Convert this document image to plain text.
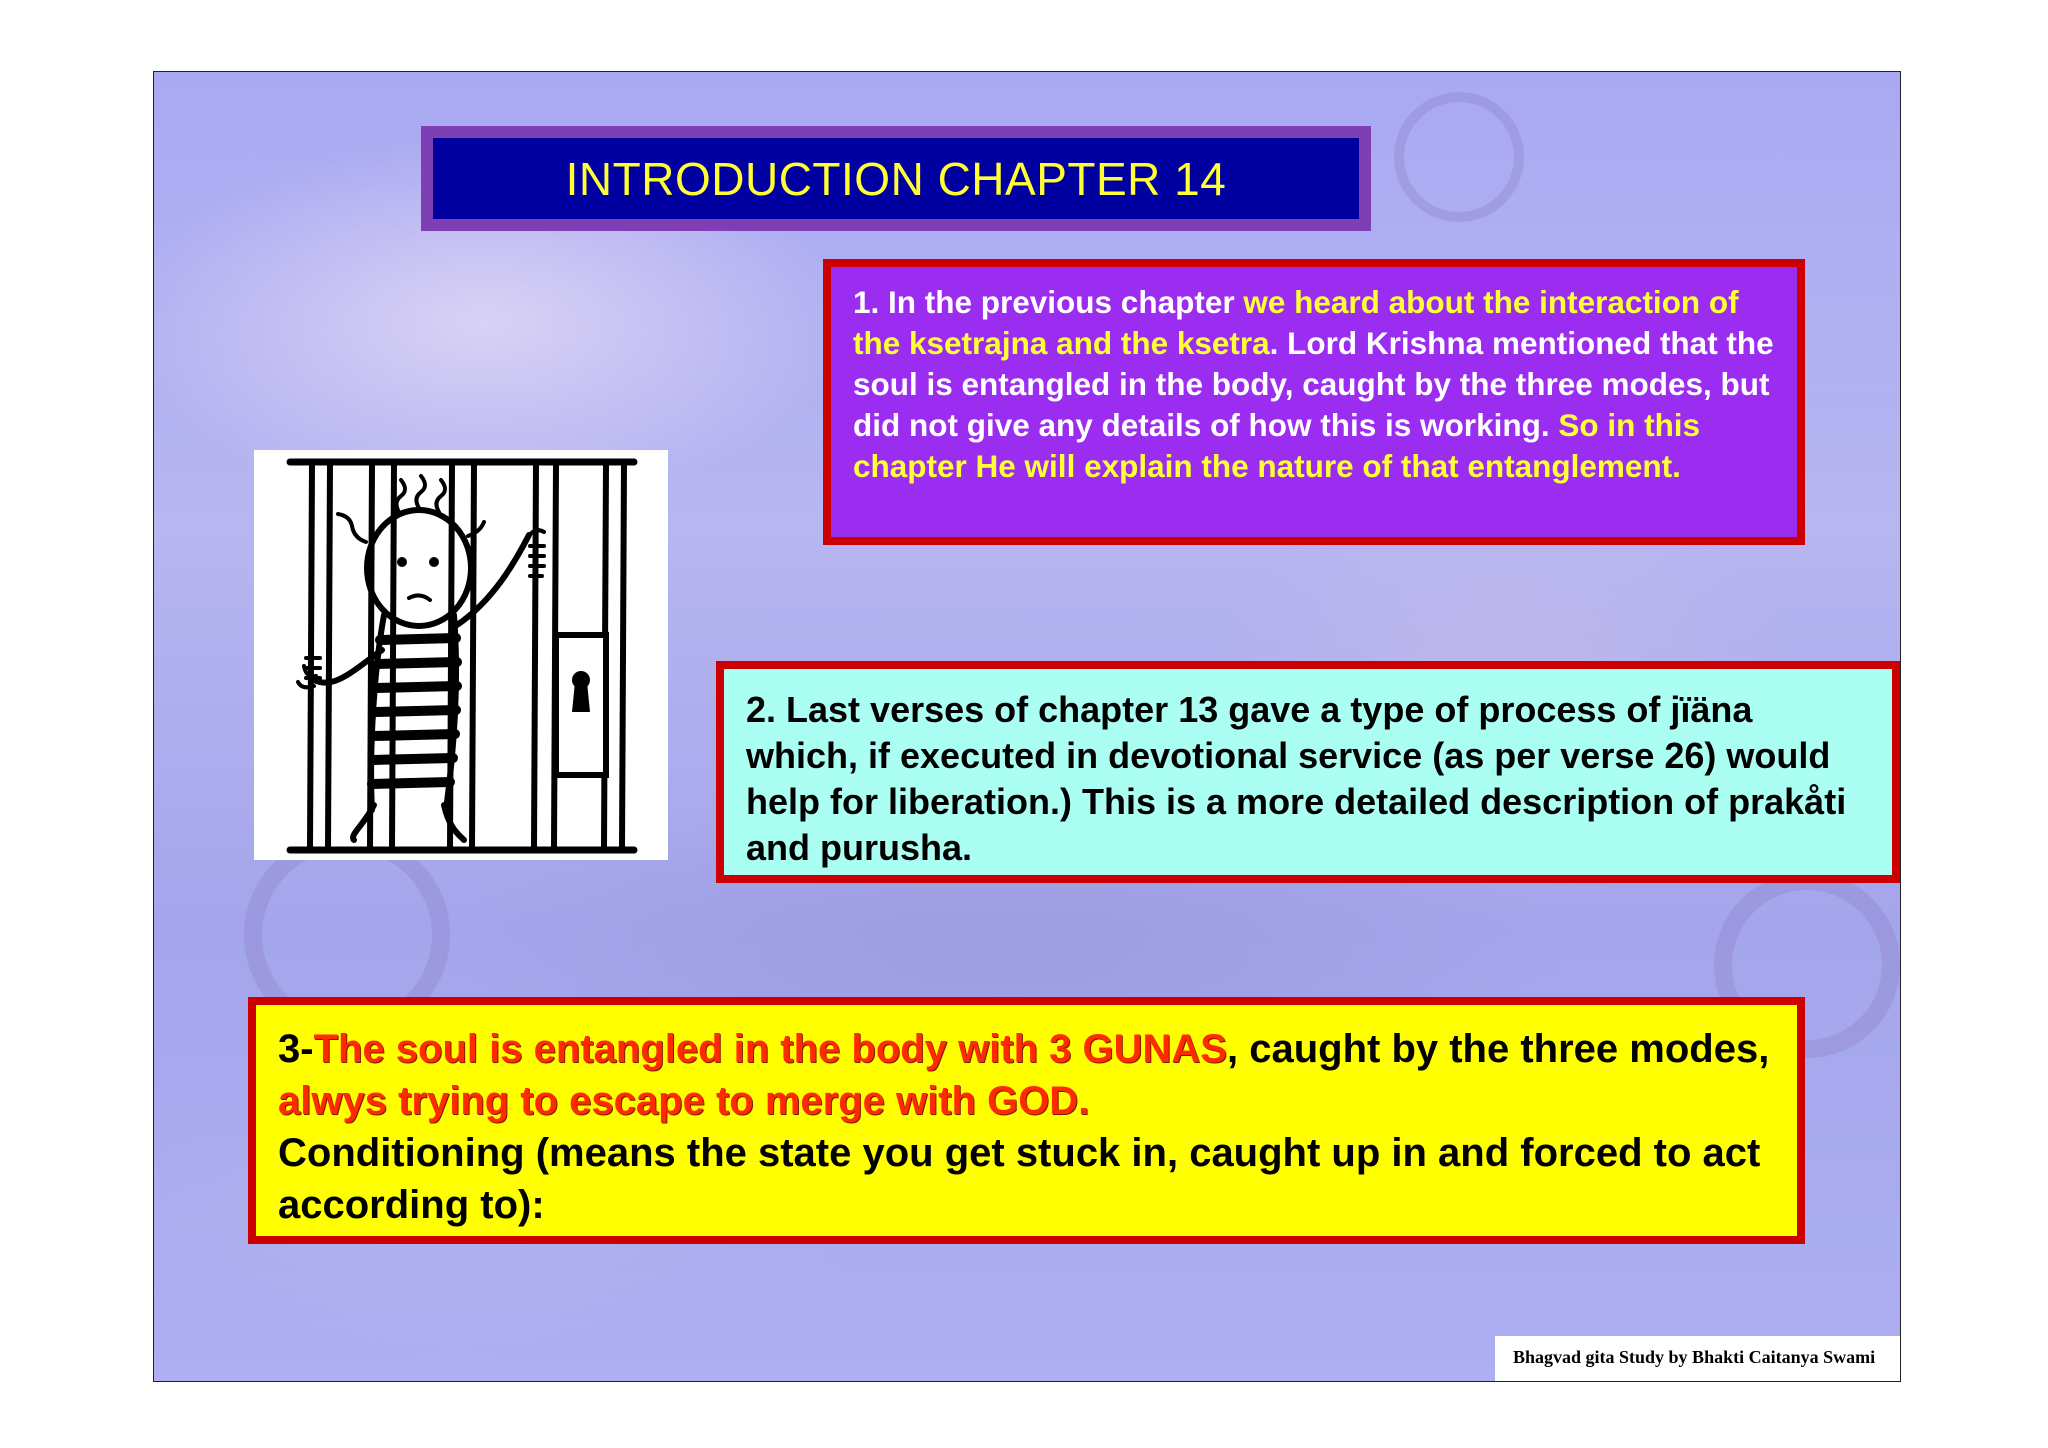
INTRODUCTION CHAPTER 14
1. In the previous chapter we heard about the interaction of the ksetrajna and the ksetra. Lord Krishna mentioned that the soul is entangled in the body, caught by the three modes, but did not give any details of how this is working. So in this chapter He will explain the nature of that entanglement.
2. Last verses of chapter 13 gave a type of process of jïäna which, if executed in devotional service (as per verse 26) would help for liberation.) This is a more detailed description of prakåti and purusha.
3-The soul is entangled in the body with 3 GUNAS, caught by the three modes, alwys trying to escape to merge with GOD.
Conditioning (means the state you get stuck in, caught up in and forced to act according to):
Bhagvad gita Study by Bhakti Caitanya Swami
